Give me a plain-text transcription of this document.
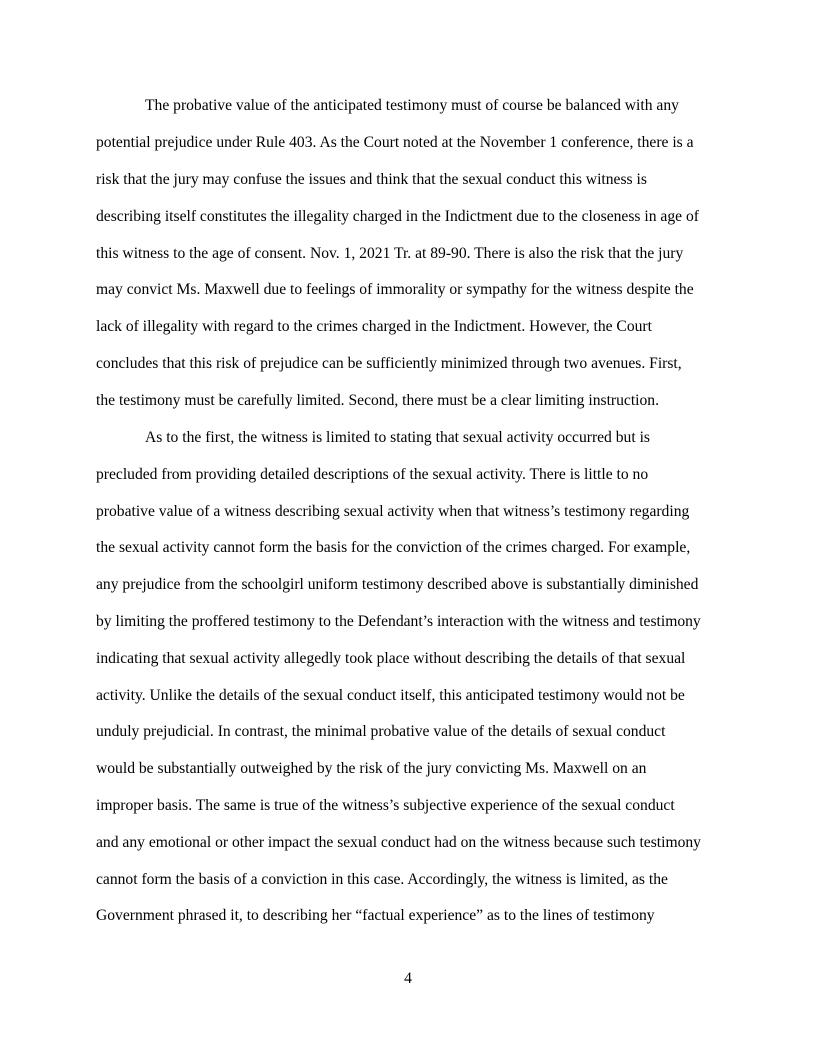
The probative value of the anticipated testimony must of course be balanced with any
potential prejudice under Rule 403. As the Court noted at the November 1 conference, there is a
risk that the jury may confuse the issues and think that the sexual conduct this witness is
describing itself constitutes the illegality charged in the Indictment due to the closeness in age of
this witness to the age of consent. Nov. 1, 2021 Tr. at 89-90. There is also the risk that the jury
may convict Ms. Maxwell due to feelings of immorality or sympathy for the witness despite the
lack of illegality with regard to the crimes charged in the Indictment. However, the Court
concludes that this risk of prejudice can be sufficiently minimized through two avenues. First,
the testimony must be carefully limited. Second, there must be a clear limiting instruction.
As to the first, the witness is limited to stating that sexual activity occurred but is
precluded from providing detailed descriptions of the sexual activity. There is little to no
probative value of a witness describing sexual activity when that witness’s testimony regarding
the sexual activity cannot form the basis for the conviction of the crimes charged. For example,
any prejudice from the schoolgirl uniform testimony described above is substantially diminished
by limiting the proffered testimony to the Defendant’s interaction with the witness and testimony
indicating that sexual activity allegedly took place without describing the details of that sexual
activity. Unlike the details of the sexual conduct itself, this anticipated testimony would not be
unduly prejudicial. In contrast, the minimal probative value of the details of sexual conduct
would be substantially outweighed by the risk of the jury convicting Ms. Maxwell on an
improper basis. The same is true of the witness’s subjective experience of the sexual conduct
and any emotional or other impact the sexual conduct had on the witness because such testimony
cannot form the basis of a conviction in this case. Accordingly, the witness is limited, as the
Government phrased it, to describing her “factual experience” as to the lines of testimony
4
